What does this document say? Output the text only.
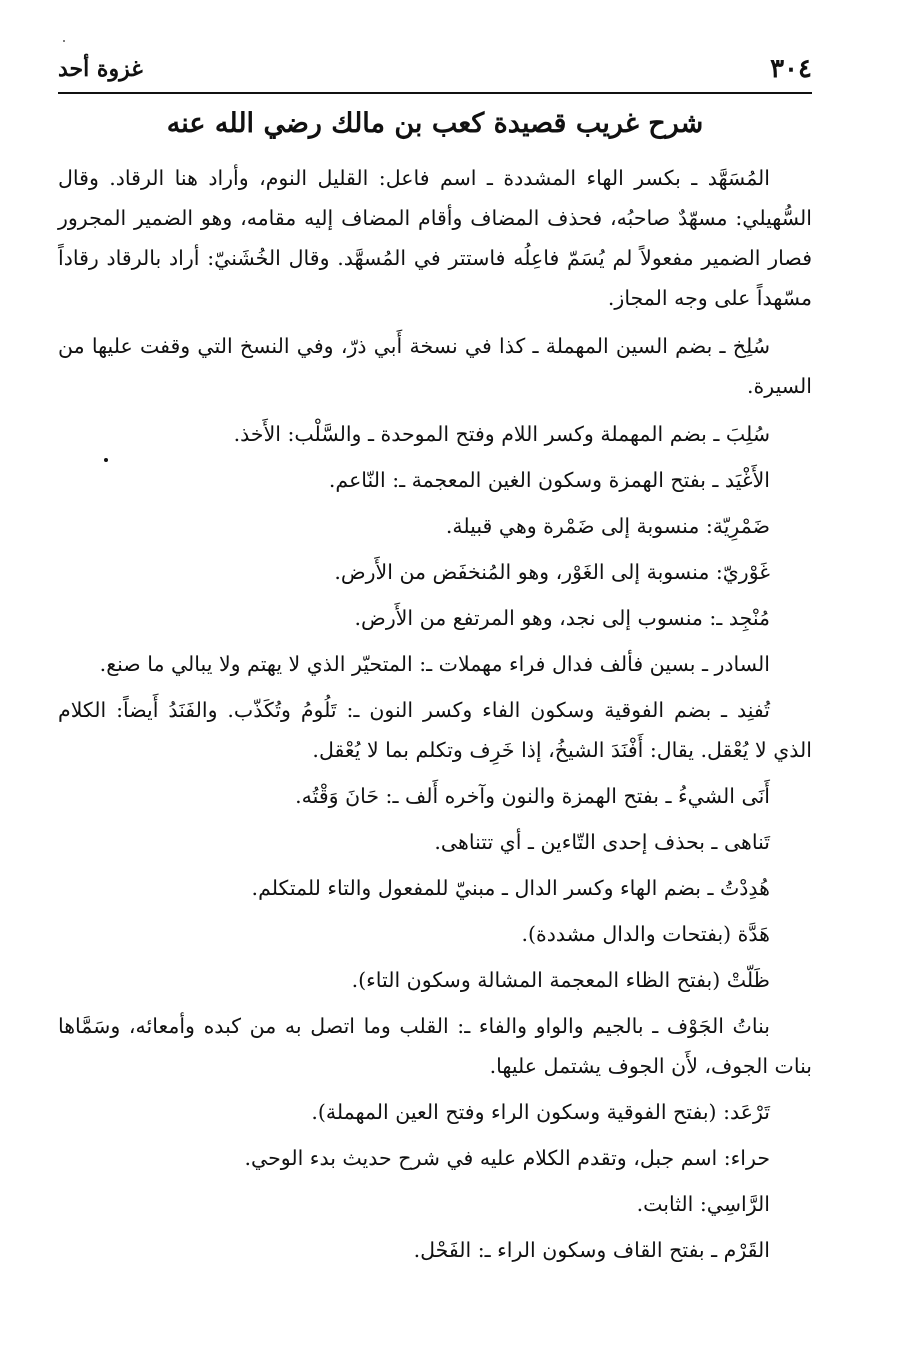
٣٠٤
غزوة أحد
شرح غريب قصيدة كعب بن مالك رضي الله عنه

المُسَهَّد ـ بكسر الهاء المشددة ـ اسم فاعل: القليل النوم، وأراد هنا الرقاد. وقال السُّهيلي: مسهّدٌ صاحبُه، فحذف المضاف وأقام المضاف إليه مقامه، وهو الضمير المجرور فصار الضمير مفعولاً لم يُسَمّ فاعِلُه فاستتر في المُسهَّد. وقال الخُشَنيّ: أراد بالرقاد رقاداً مسّهداً على وجه المجاز.

سُلِخ ـ بضم السين المهملة ـ كذا في نسخة أَبي ذرّ، وفي النسخ التي وقفت عليها من السيرة.

سُلِبَ ـ بضم المهملة وكسر اللام وفتح الموحدة ـ والسَّلْب: الأَخذ.

الأَغْيَد ـ بفتح الهمزة وسكون الغين المعجمة ـ: النّاعم.

ضَمْرِيّة: منسوبة إلى ضَمْرة وهي قبيلة.

غَوْريّ: منسوبة إلى الغَوْر، وهو المُنخفَض من الأَرض.

مُنْجِد ـ: منسوب إلى نجد، وهو المرتفع من الأَرض.

السادر ـ بسين فألف فدال فراء مهملات ـ: المتحيّر الذي لا يهتم ولا يبالي ما صنع.

تُفنِد ـ بضم الفوقية وسكون الفاء وكسر النون ـ: تَلُومُ وتُكَذّب. والفَنَدُ أَيضاً: الكلام الذي لا يُعْقل. يقال: أَفْنَدَ الشيخُ، إذا خَرِف وتكلم بما لا يُعْقل.

أَنَى الشيءُ ـ بفتح الهمزة والنون وآخره أَلف ـ: حَانَ وَقْتُه.

تَناهى ـ بحذف إحدى التّاءين ـ أي تتناهى.

هُدِدْتُ ـ بضم الهاء وكسر الدال ـ مبنيّ للمفعول والتاء للمتكلم.

هَدَّة (بفتحات والدال مشددة).

ظَلّتْ (بفتح الظاء المعجمة المشالة وسكون التاء).

بناتُ الجَوْف ـ بالجيم والواو والفاء ـ: القلب وما اتصل به من كبده وأمعائه، وسَمَّاها بنات الجوف، لأَن الجوف يشتمل عليها.

تَرْعَد: (بفتح الفوقية وسكون الراء وفتح العين المهملة).

حراء: اسم جبل، وتقدم الكلام عليه في شرح حديث بدء الوحي.

الرَّاسِي: الثابت.

القَرْم ـ بفتح القاف وسكون الراء ـ: الفَحْل.
